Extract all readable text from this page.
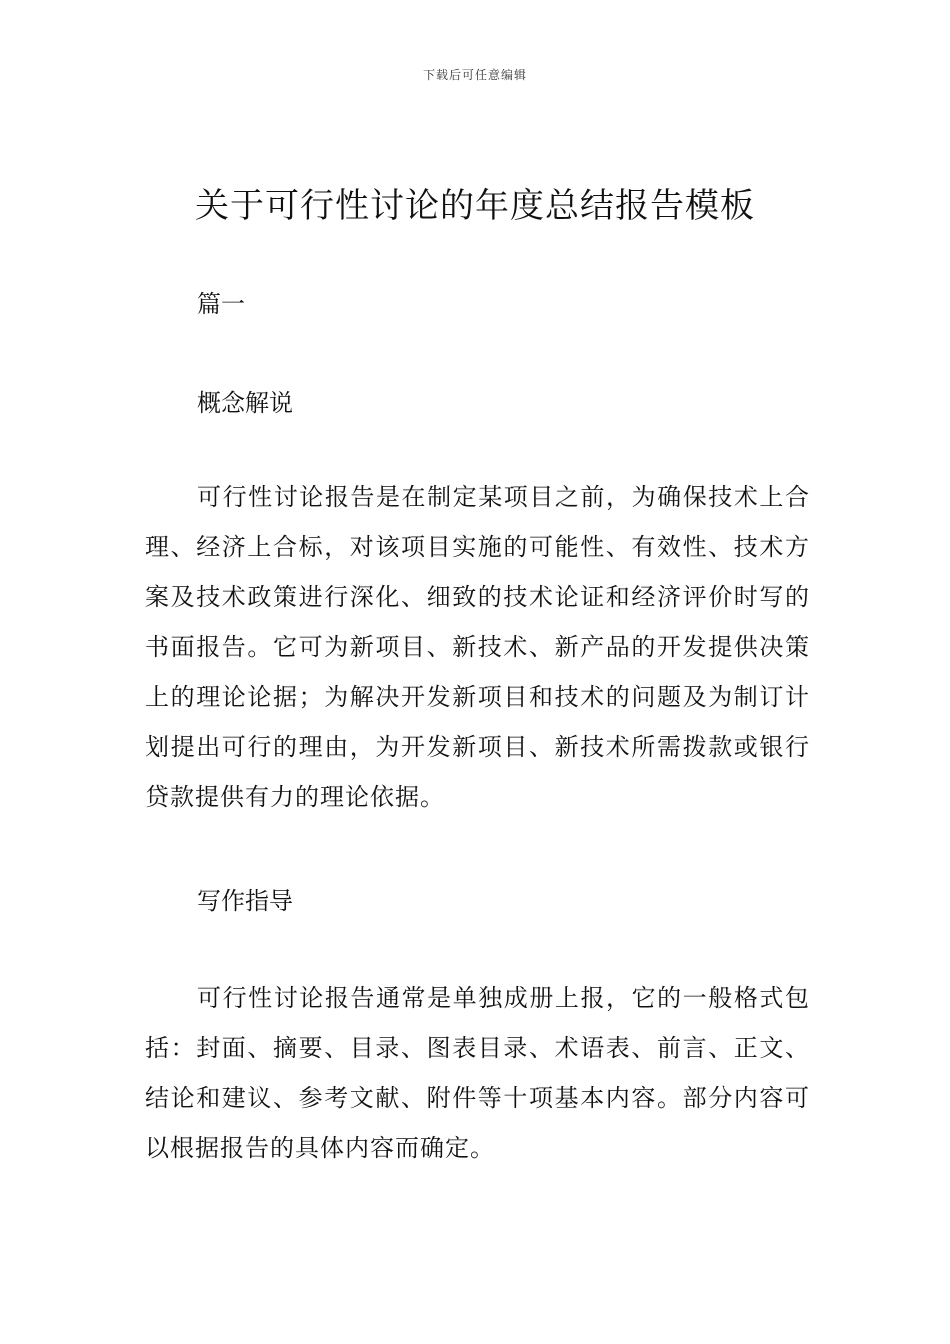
下载后可任意编辑
关于可行性讨论的年度总结报告模板
篇一
概念解说

可行性讨论报告是在制定某项目之前，为确保技术上合理、经济上合标，对该项目实施的可能性、有效性、技术方案及技术政策进行深化、细致的技术论证和经济评价时写的书面报告。它可为新项目、新技术、新产品的开发提供决策上的理论论据；为解决开发新项目和技术的问题及为制订计划提出可行的理由，为开发新项目、新技术所需拨款或银行贷款提供有力的理论依据。

写作指导

可行性讨论报告通常是单独成册上报，它的一般格式包括：封面、摘要、目录、图表目录、术语表、前言、正文、结论和建议、参考文献、附件等十项基本内容。部分内容可以根据报告的具体内容而确定。
